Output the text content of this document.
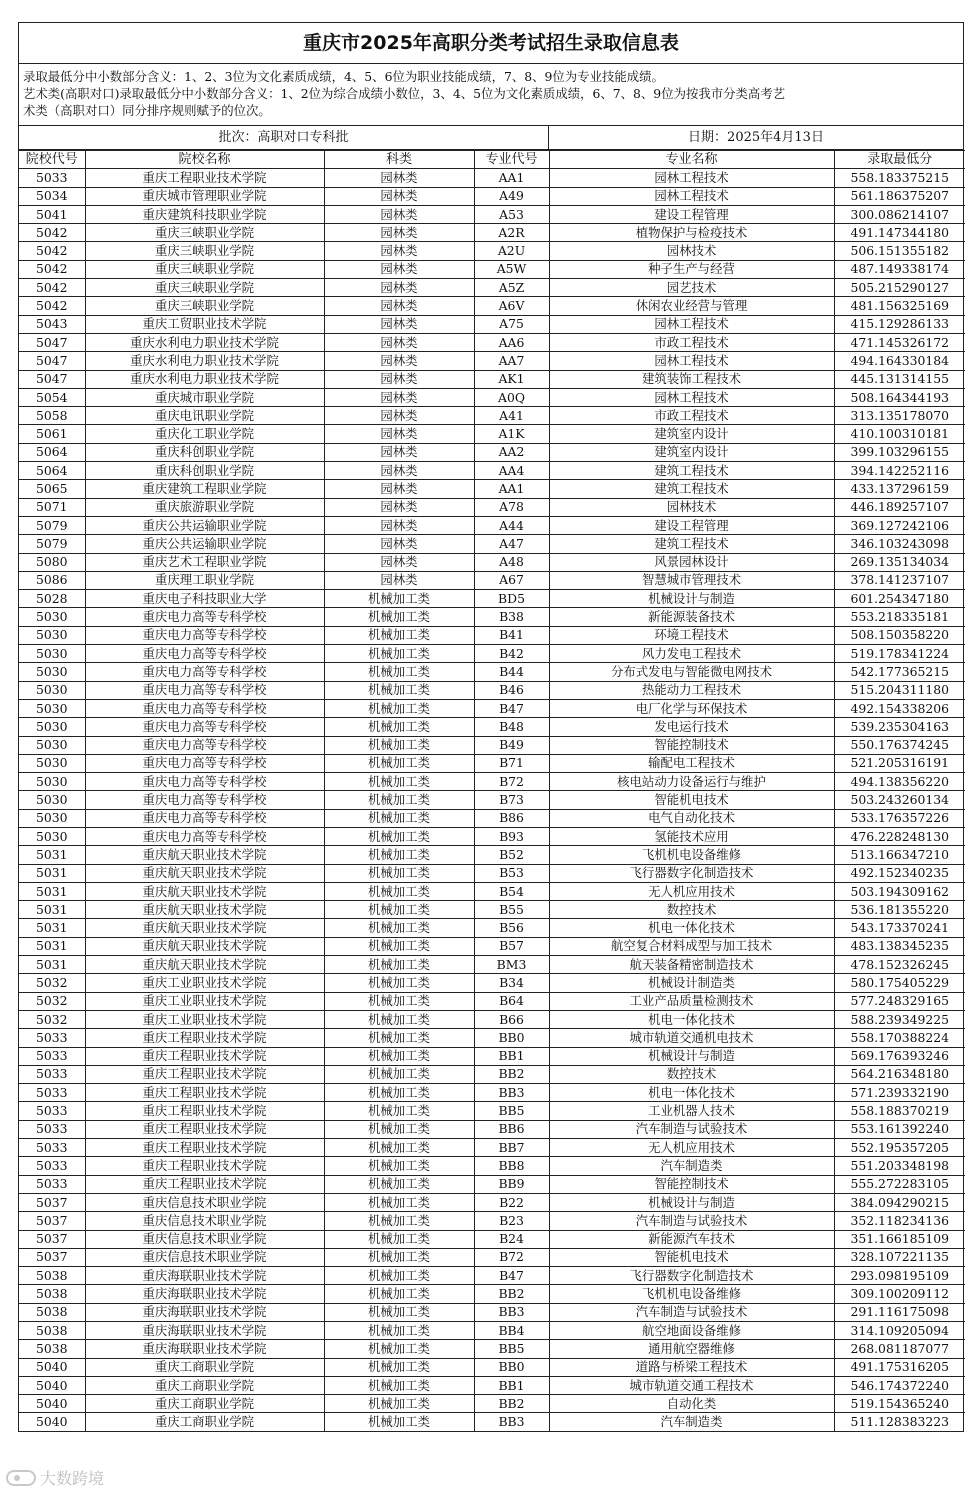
重庆市2025年高职分类考试招生录取信息表

录取最低分中小数部分含义：1、2、3位为文化素质成绩，4、5、6位为职业技能成绩，7、8、9位为专业技能成绩。

艺术类(高职对口)录取最低分中小数部分含义：1、2位为综合成绩小数位，3、4、5位为文化素质成绩，6、7、8、9位为按我市分类高考艺

术类（高职对口）同分排序规则赋予的位次。

批次：高职对口专科批	日期：2025年4月13日
院校代号	院校名称	科类	专业代号	专业名称	录取最低分
5033	重庆工程职业技术学院	园林类	AA1	园林工程技术	558.183375215
5034	重庆城市管理职业学院	园林类	A49	园林工程技术	561.186375207
5041	重庆建筑科技职业学院	园林类	A53	建设工程管理	300.086214107
5042	重庆三峡职业学院	园林类	A2R	植物保护与检疫技术	491.147344180
5042	重庆三峡职业学院	园林类	A2U	园林技术	506.151355182
5042	重庆三峡职业学院	园林类	A5W	种子生产与经营	487.149338174
5042	重庆三峡职业学院	园林类	A5Z	园艺技术	505.215290127
5042	重庆三峡职业学院	园林类	A6V	休闲农业经营与管理	481.156325169
5043	重庆工贸职业技术学院	园林类	A75	园林工程技术	415.129286133
5047	重庆水利电力职业技术学院	园林类	AA6	市政工程技术	471.145326172
5047	重庆水利电力职业技术学院	园林类	AA7	园林工程技术	494.164330184
5047	重庆水利电力职业技术学院	园林类	AK1	建筑装饰工程技术	445.131314155
5054	重庆城市职业学院	园林类	A0Q	园林工程技术	508.164344193
5058	重庆电讯职业学院	园林类	A41	市政工程技术	313.135178070
5061	重庆化工职业学院	园林类	A1K	建筑室内设计	410.100310181
5064	重庆科创职业学院	园林类	AA2	建筑室内设计	399.103296155
5064	重庆科创职业学院	园林类	AA4	建筑工程技术	394.142252116
5065	重庆建筑工程职业学院	园林类	AA1	建筑工程技术	433.137296159
5071	重庆旅游职业学院	园林类	A78	园林技术	446.189257107
5079	重庆公共运输职业学院	园林类	A44	建设工程管理	369.127242106
5079	重庆公共运输职业学院	园林类	A47	建筑工程技术	346.103243098
5080	重庆艺术工程职业学院	园林类	A48	风景园林设计	269.135134034
5086	重庆理工职业学院	园林类	A67	智慧城市管理技术	378.141237107
5028	重庆电子科技职业大学	机械加工类	BD5	机械设计与制造	601.254347180
5030	重庆电力高等专科学校	机械加工类	B38	新能源装备技术	553.218335181
5030	重庆电力高等专科学校	机械加工类	B41	环境工程技术	508.150358220
5030	重庆电力高等专科学校	机械加工类	B42	风力发电工程技术	519.178341224
5030	重庆电力高等专科学校	机械加工类	B44	分布式发电与智能微电网技术	542.177365215
5030	重庆电力高等专科学校	机械加工类	B46	热能动力工程技术	515.204311180
5030	重庆电力高等专科学校	机械加工类	B47	电厂化学与环保技术	492.154338206
5030	重庆电力高等专科学校	机械加工类	B48	发电运行技术	539.235304163
5030	重庆电力高等专科学校	机械加工类	B49	智能控制技术	550.176374245
5030	重庆电力高等专科学校	机械加工类	B71	输配电工程技术	521.205316191
5030	重庆电力高等专科学校	机械加工类	B72	核电站动力设备运行与维护	494.138356220
5030	重庆电力高等专科学校	机械加工类	B73	智能机电技术	503.243260134
5030	重庆电力高等专科学校	机械加工类	B86	电气自动化技术	533.176357226
5030	重庆电力高等专科学校	机械加工类	B93	氢能技术应用	476.228248130
5031	重庆航天职业技术学院	机械加工类	B52	飞机机电设备维修	513.166347210
5031	重庆航天职业技术学院	机械加工类	B53	飞行器数字化制造技术	492.152340235
5031	重庆航天职业技术学院	机械加工类	B54	无人机应用技术	503.194309162
5031	重庆航天职业技术学院	机械加工类	B55	数控技术	536.181355220
5031	重庆航天职业技术学院	机械加工类	B56	机电一体化技术	543.173370241
5031	重庆航天职业技术学院	机械加工类	B57	航空复合材料成型与加工技术	483.138345235
5031	重庆航天职业技术学院	机械加工类	BM3	航天装备精密制造技术	478.152326245
5032	重庆工业职业技术学院	机械加工类	B34	机械设计制造类	580.175405229
5032	重庆工业职业技术学院	机械加工类	B64	工业产品质量检测技术	577.248329165
5032	重庆工业职业技术学院	机械加工类	B66	机电一体化技术	588.239349225
5033	重庆工程职业技术学院	机械加工类	BB0	城市轨道交通机电技术	558.170388224
5033	重庆工程职业技术学院	机械加工类	BB1	机械设计与制造	569.176393246
5033	重庆工程职业技术学院	机械加工类	BB2	数控技术	564.216348180
5033	重庆工程职业技术学院	机械加工类	BB3	机电一体化技术	571.239332190
5033	重庆工程职业技术学院	机械加工类	BB5	工业机器人技术	558.188370219
5033	重庆工程职业技术学院	机械加工类	BB6	汽车制造与试验技术	553.161392240
5033	重庆工程职业技术学院	机械加工类	BB7	无人机应用技术	552.195357205
5033	重庆工程职业技术学院	机械加工类	BB8	汽车制造类	551.203348198
5033	重庆工程职业技术学院	机械加工类	BB9	智能控制技术	555.272283105
5037	重庆信息技术职业学院	机械加工类	B22	机械设计与制造	384.094290215
5037	重庆信息技术职业学院	机械加工类	B23	汽车制造与试验技术	352.118234136
5037	重庆信息技术职业学院	机械加工类	B24	新能源汽车技术	351.166185109
5037	重庆信息技术职业学院	机械加工类	B72	智能机电技术	328.107221135
5038	重庆海联职业技术学院	机械加工类	B47	飞行器数字化制造技术	293.098195109
5038	重庆海联职业技术学院	机械加工类	BB2	飞机机电设备维修	309.100209112
5038	重庆海联职业技术学院	机械加工类	BB3	汽车制造与试验技术	291.116175098
5038	重庆海联职业技术学院	机械加工类	BB4	航空地面设备维修	314.109205094
5038	重庆海联职业技术学院	机械加工类	BB5	通用航空器维修	268.081187077
5040	重庆工商职业学院	机械加工类	BB0	道路与桥梁工程技术	491.175316205
5040	重庆工商职业学院	机械加工类	BB1	城市轨道交通工程技术	546.174372240
5040	重庆工商职业学院	机械加工类	BB2	自动化类	519.154365240
5040	重庆工商职业学院	机械加工类	BB3	汽车制造类	511.128383223
大数跨境
